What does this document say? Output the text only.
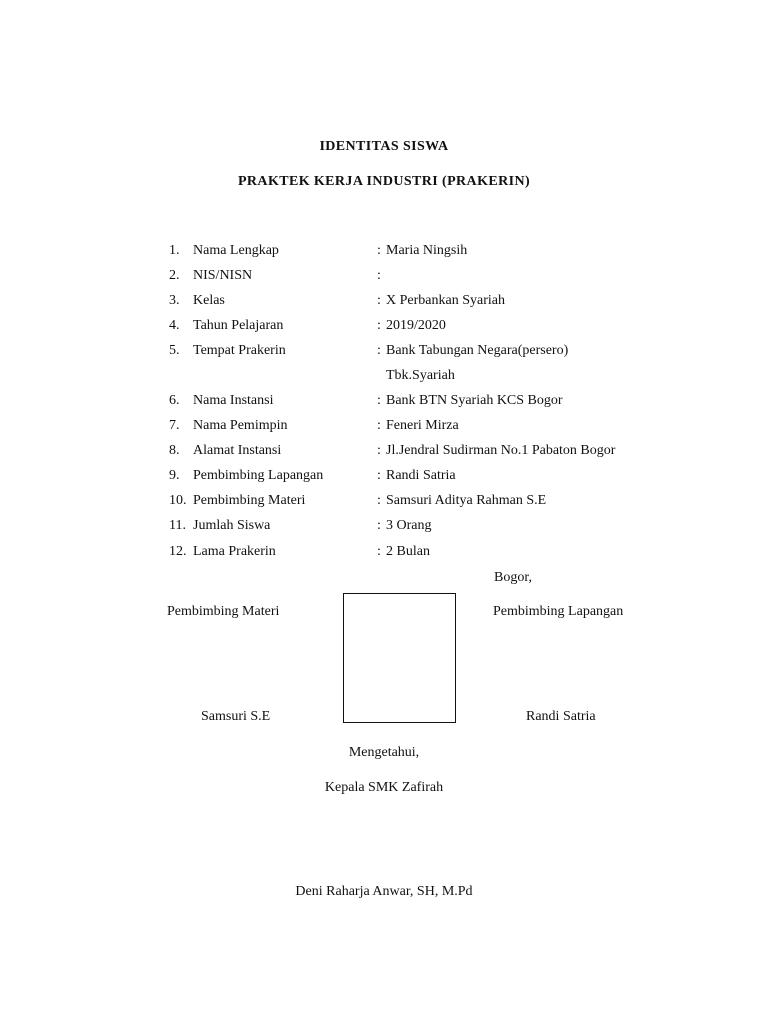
IDENTITAS SISWA
PRAKTEK KERJA INDUSTRI (PRAKERIN)
1. Nama Lengkap	: Maria Ningsih
2. NIS/NISN	:
3. Kelas	: X Perbankan Syariah
4. Tahun Pelajaran	: 2019/2020
5. Tempat Prakerin	: Bank Tabungan Negara(persero)
Tbk.Syariah
6. Nama Instansi	: Bank BTN Syariah KCS Bogor
7. Nama Pemimpin	: Feneri Mirza
8. Alamat Instansi	: Jl.Jendral Sudirman No.1 Pabaton Bogor
9. Pembimbing Lapangan	: Randi Satria
10. Pembimbing Materi	: Samsuri Aditya Rahman S.E
11. Jumlah Siswa	: 3 Orang
12. Lama Prakerin	: 2 Bulan
Bogor,
Pembimbing Materi	Pembimbing Lapangan
Samsuri S.E	Randi Satria
Mengetahui,
Kepala SMK Zafirah
Deni Raharja Anwar, SH, M.Pd
